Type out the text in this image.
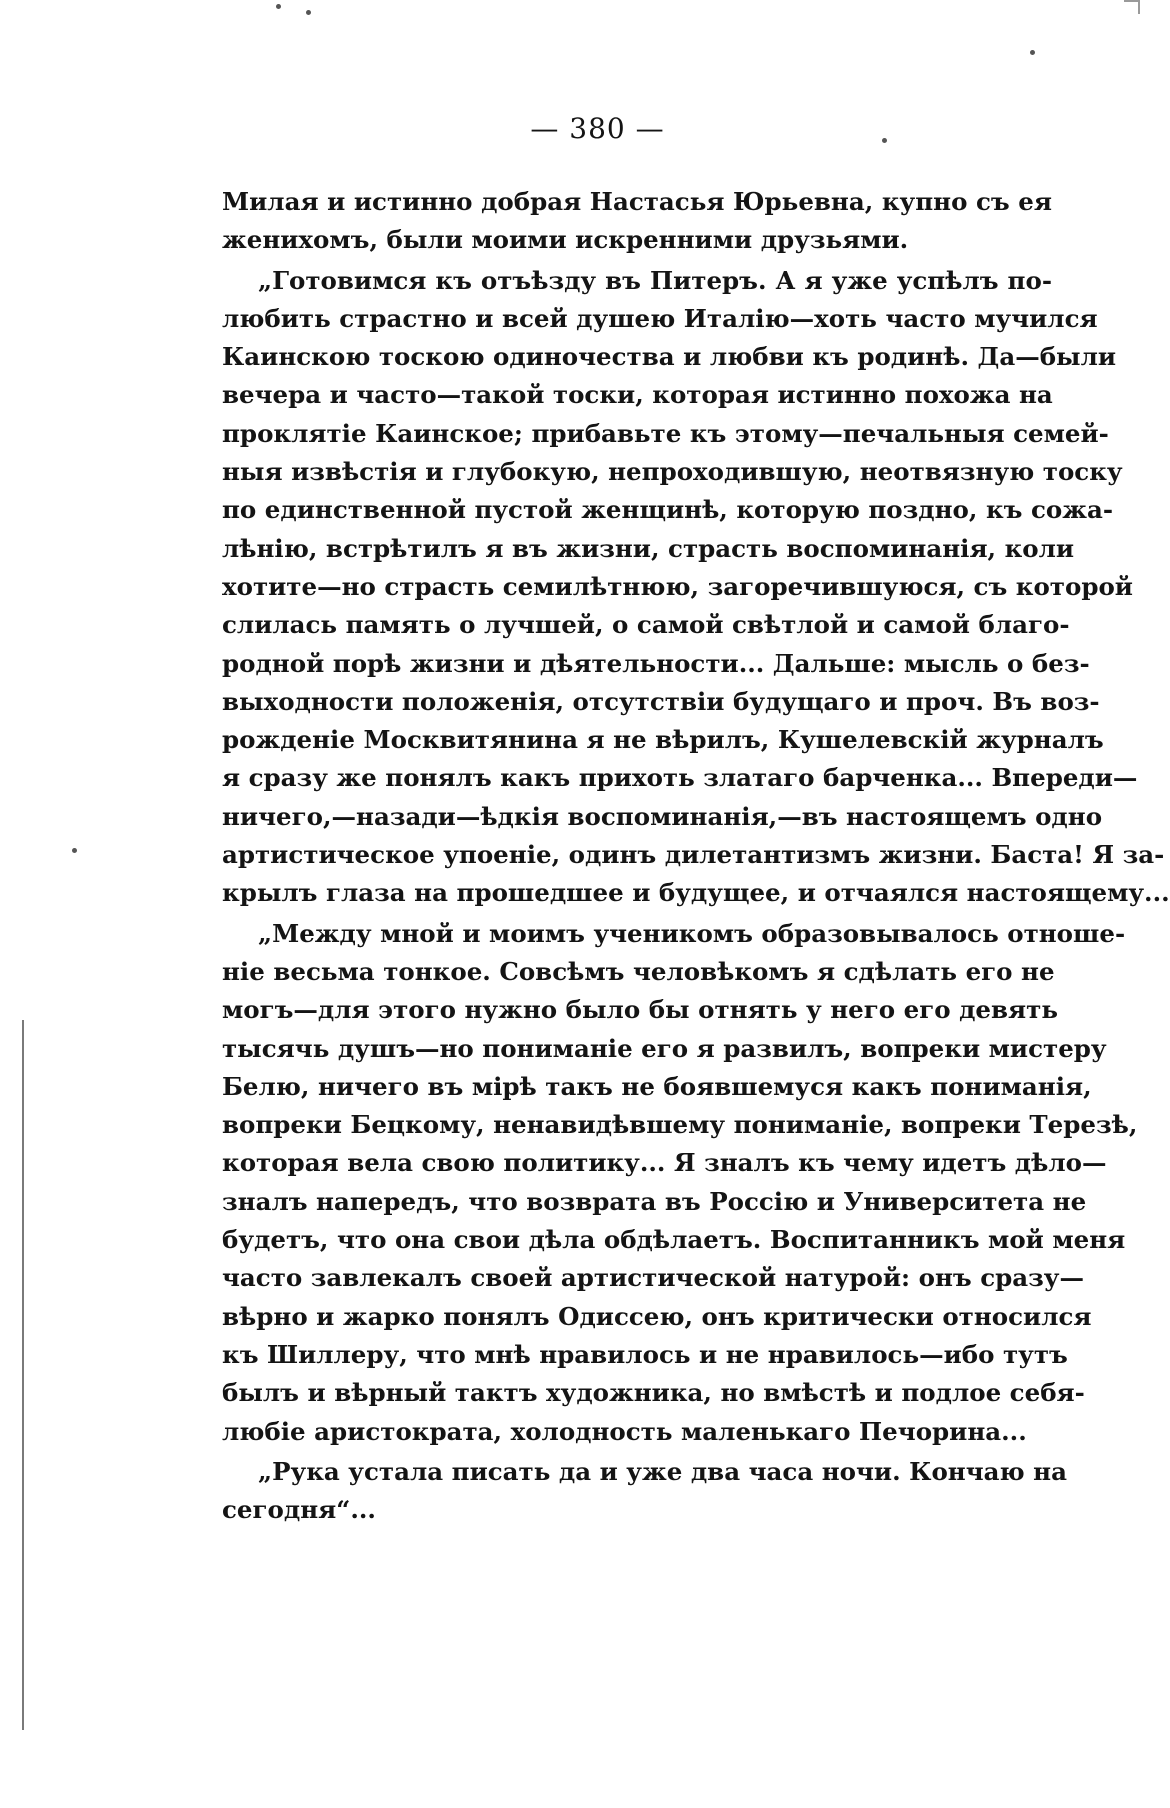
— 380 —
Милая и истинно добрая Настасья Юрьевна, купно съ ея
женихомъ, были моими искренними друзьями.
„Готовимся къ отъѣзду въ Питеръ. А я уже успѣлъ по-
любить страстно и всей душею Италію—хоть часто мучился
Каинскою тоскою одиночества и любви къ родинѣ. Да—были
вечера и часто—такой тоски, которая истинно похожа на
проклятіе Каинское; прибавьте къ этому—печальныя семей-
ныя извѣстія и глубокую, непроходившую, неотвязную тоску
по единственной пустой женщинѣ, которую поздно, къ сожа-
лѣнію, встрѣтилъ я въ жизни, страсть воспоминанія, коли
хотите—но страсть семилѣтнюю, загоречившуюся, съ которой
слилась память о лучшей, о самой свѣтлой и самой благо-
родной порѣ жизни и дѣятельности... Дальше: мысль о без-
выходности положенія, отсутствіи будущаго и проч. Въ воз-
рожденіе Москвитянина я не вѣрилъ, Кушелевскій журналъ
я сразу же понялъ какъ прихоть златаго барченка... Впереди—
ничего,—назади—ѣдкія воспоминанія,—въ настоящемъ одно
артистическое упоеніе, одинъ дилетантизмъ жизни. Баста! Я за-
крылъ глаза на прошедшее и будущее, и отчаялся настоящему...
„Между мной и моимъ ученикомъ образовывалось отноше-
ніе весьма тонкое. Совсѣмъ человѣкомъ я сдѣлать его не
могъ—для этого нужно было бы отнять у него его девять
тысячь душъ—но пониманіе его я развилъ, вопреки мистеру
Белю, ничего въ мірѣ такъ не боявшемуся какъ пониманія,
вопреки Бецкому, ненавидѣвшему пониманіе, вопреки Терезѣ,
которая вела свою политику... Я зналъ къ чему идетъ дѣло—
зналъ напередъ, что возврата въ Россію и Университета не
будетъ, что она свои дѣла обдѣлаетъ. Воспитанникъ мой меня
часто завлекалъ своей артистической натурой: онъ сразу—
вѣрно и жарко понялъ Одиссею, онъ критически относился
къ Шиллеру, что мнѣ нравилось и не нравилось—ибо тутъ
былъ и вѣрный тактъ художника, но вмѣстѣ и подлое себя-
любіе аристократа, холодность маленькаго Печорина...
„Рука устала писать да и уже два часа ночи. Кончаю на
сегодня“...
